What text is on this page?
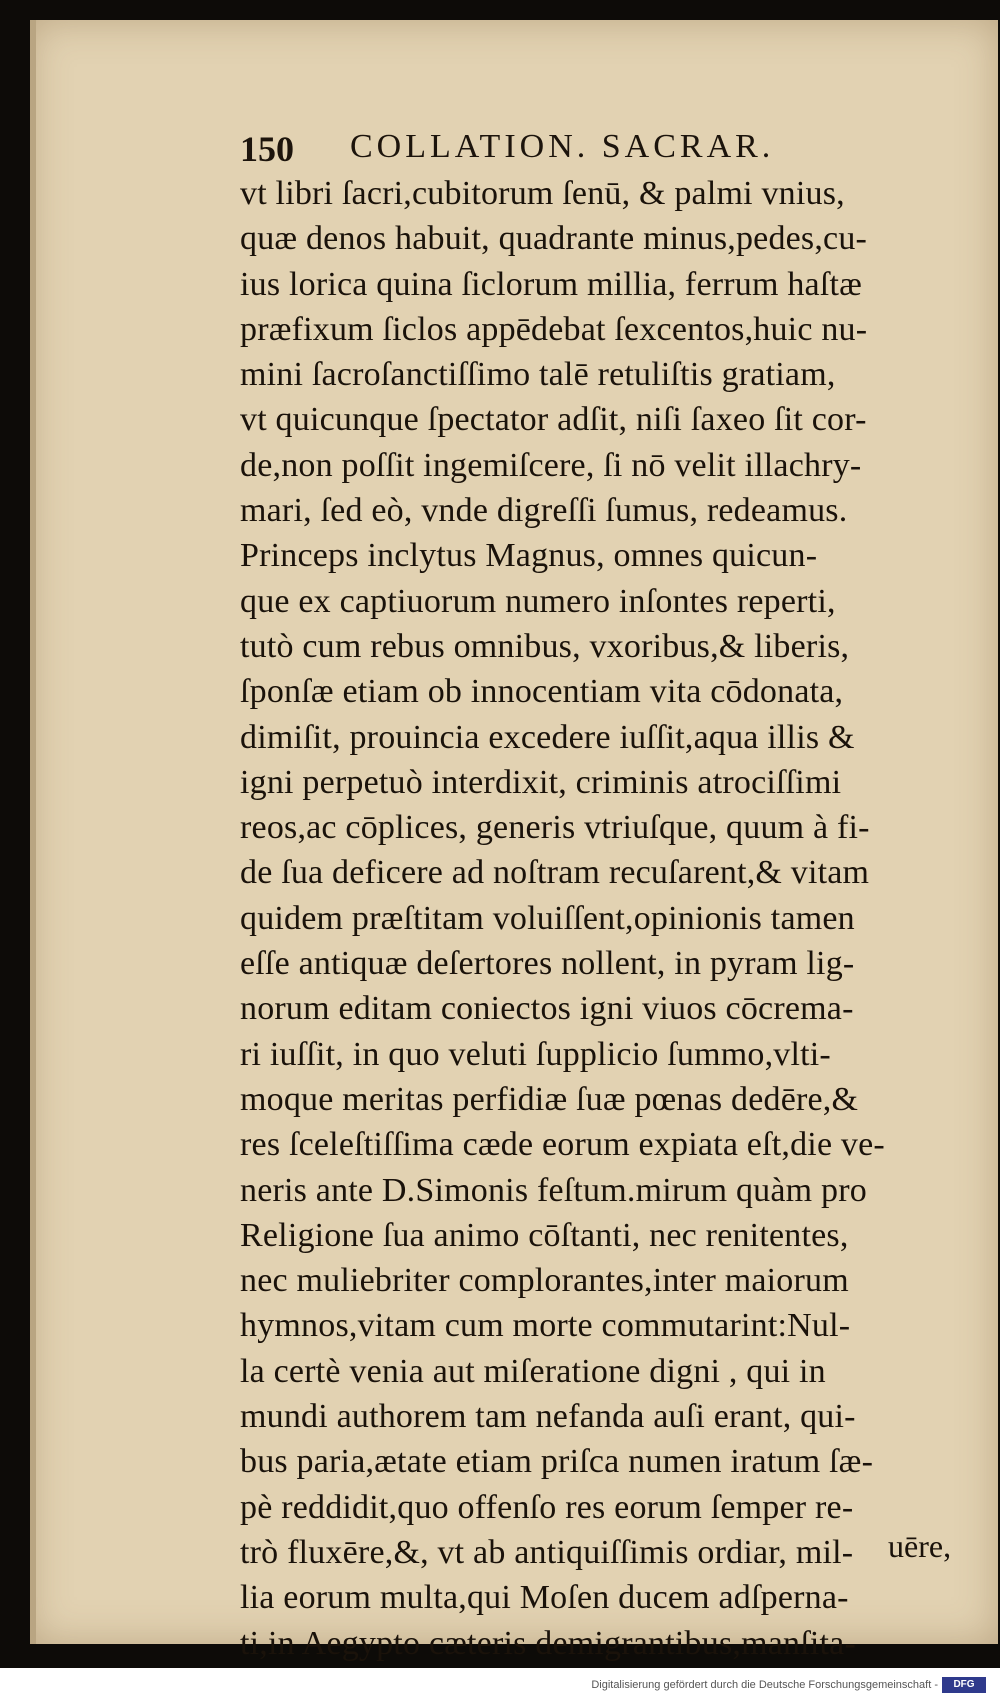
150 COLLATION. SACRAR.
vt libri ſacri,cubitorum ſenū, & palmi vnius,
quæ denos habuit, quadrante minus,pedes,cu-
ius lorica quina ſiclorum millia, ferrum haſtæ
præfixum ſiclos appēdebat ſexcentos,huic nu-
mini ſacroſanctiſſimo talē retuliſtis gratiam,
vt quicunque ſpectator adſit, niſi ſaxeo ſit cor-
de,non poſſit ingemiſcere, ſi nō velit illachry-
mari, ſed eò, vnde digreſſi ſumus, redeamus.
Princeps inclytus Magnus, omnes quicun-
que ex captiuorum numero inſontes reperti,
tutò cum rebus omnibus, vxoribus,& liberis,
ſponſæ etiam ob innocentiam vita cōdonata,
dimiſit, prouincia excedere iuſſit,aqua illis &
igni perpetuò interdixit, criminis atrociſſimi
reos,ac cōplices, generis vtriuſque, quum à fi-
de ſua deficere ad noſtram recuſarent,& vitam
quidem præſtitam voluiſſent,opinionis tamen
eſſe antiquæ deſertores nollent, in pyram lig-
norum editam coniectos igni viuos cōcrema-
ri iuſſit, in quo veluti ſupplicio ſummo,vlti-
moque meritas perfidiæ ſuæ pœnas dedēre,&
res ſceleſtiſſima cæde eorum expiata eſt,die ve-
neris ante D.Simonis feſtum.mirum quàm pro
Religione ſua animo cōſtanti, nec renitentes,
nec muliebriter complorantes,inter maiorum
hymnos,vitam cum morte commutarint:Nul-
la certè venia aut miſeratione digni , qui in
mundi authorem tam nefanda auſi erant, qui-
bus paria,ætate etiam priſca numen iratum ſæ-
pè reddidit,quo offenſo res eorum ſemper re-
trò fluxēre,&, vt ab antiquiſſimis ordiar, mil-
lia eorum multa,qui Moſen ducem adſperna-
ti,in Aegypto cæteris demigrantibus,manſita-
uēre,
Digitalisierung gefördert durch die Deutsche Forschungsgemeinschaft -	DFG
